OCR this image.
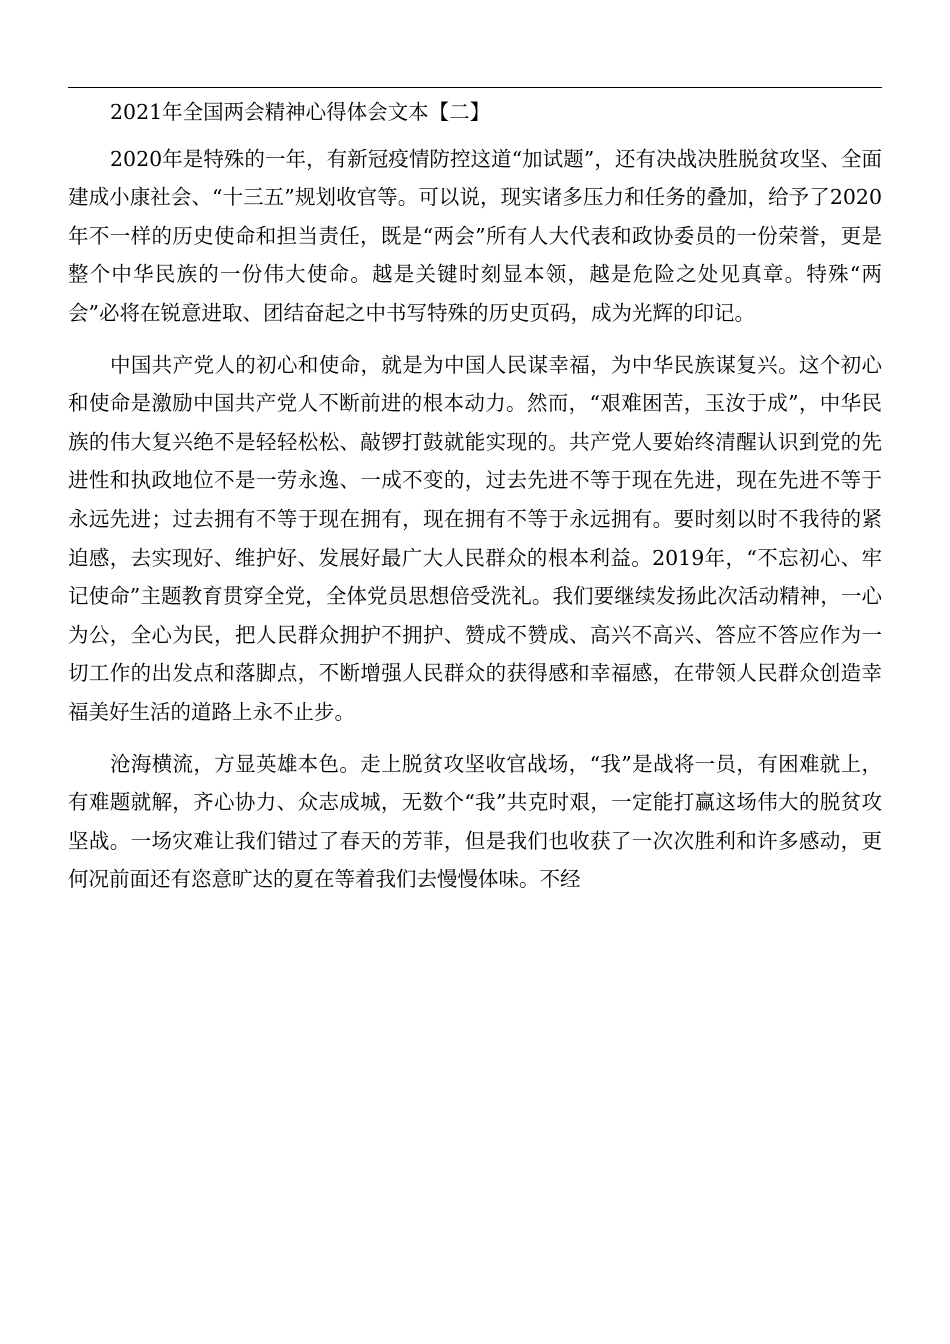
2021年全国两会精神心得体会文本【二】

2020年是特殊的一年，有新冠疫情防控这道“加试题”，还有决战决胜脱贫攻坚、全面建成小康社会、“十三五”规划收官等。可以说，现实诸多压力和任务的叠加，给予了2020年不一样的历史使命和担当责任，既是“两会”所有人大代表和政协委员的一份荣誉，更是整个中华民族的一份伟大使命。越是关键时刻显本领，越是危险之处见真章。特殊“两会”必将在锐意进取、团结奋起之中书写特殊的历史页码，成为光辉的印记。

中国共产党人的初心和使命，就是为中国人民谋幸福，为中华民族谋复兴。这个初心和使命是激励中国共产党人不断前进的根本动力。然而，“艰难困苦，玉汝于成”，中华民族的伟大复兴绝不是轻轻松松、敲锣打鼓就能实现的。共产党人要始终清醒认识到党的先进性和执政地位不是一劳永逸、一成不变的，过去先进不等于现在先进，现在先进不等于永远先进；过去拥有不等于现在拥有，现在拥有不等于永远拥有。要时刻以时不我待的紧迫感，去实现好、维护好、发展好最广大人民群众的根本利益。2019年，“不忘初心、牢记使命”主题教育贯穿全党，全体党员思想倍受洗礼。我们要继续发扬此次活动精神，一心为公，全心为民，把人民群众拥护不拥护、赞成不赞成、高兴不高兴、答应不答应作为一切工作的出发点和落脚点，不断增强人民群众的获得感和幸福感，在带领人民群众创造幸福美好生活的道路上永不止步。

沧海横流，方显英雄本色。走上脱贫攻坚收官战场，“我”是战将一员，有困难就上，有难题就解，齐心协力、众志成城，无数个“我”共克时艰，一定能打赢这场伟大的脱贫攻坚战。一场灾难让我们错过了春天的芳菲，但是我们也收获了一次次胜利和许多感动，更何况前面还有恣意旷达的夏在等着我们去慢慢体味。不经
